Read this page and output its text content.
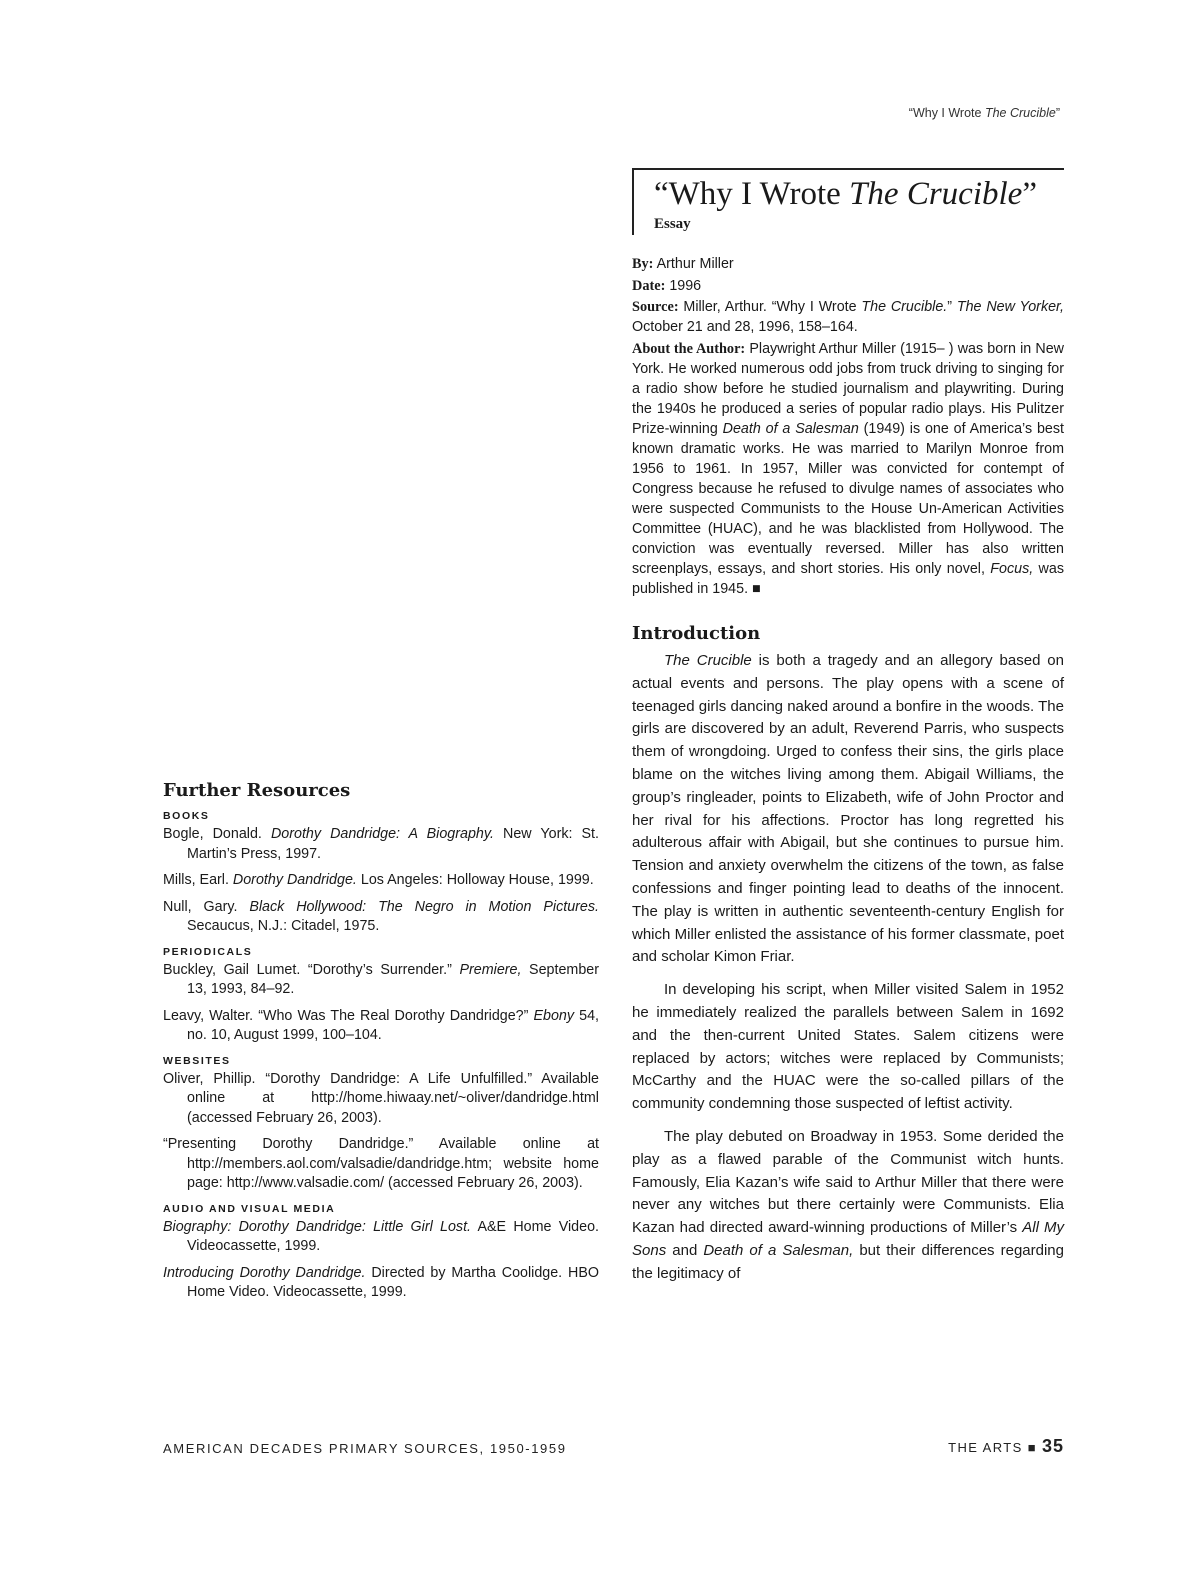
“Why I Wrote The Crucible”
Further Resources
BOOKS
Bogle, Donald. Dorothy Dandridge: A Biography. New York: St. Martin’s Press, 1997.
Mills, Earl. Dorothy Dandridge. Los Angeles: Holloway House, 1999.
Null, Gary. Black Hollywood: The Negro in Motion Pictures. Secaucus, N.J.: Citadel, 1975.
PERIODICALS
Buckley, Gail Lumet. “Dorothy’s Surrender.” Premiere, September 13, 1993, 84–92.
Leavy, Walter. “Who Was The Real Dorothy Dandridge?” Ebony 54, no. 10, August 1999, 100–104.
WEBSITES
Oliver, Phillip. “Dorothy Dandridge: A Life Unfulfilled.” Available online at http://home.hiwaay.net/~oliver/dandridge.html (accessed February 26, 2003).
“Presenting Dorothy Dandridge.” Available online at http://members.aol.com/valsadie/dandridge.htm; website home page: http://www.valsadie.com/ (accessed February 26, 2003).
AUDIO AND VISUAL MEDIA
Biography: Dorothy Dandridge: Little Girl Lost. A&E Home Video. Videocassette, 1999.
Introducing Dorothy Dandridge. Directed by Martha Coolidge. HBO Home Video. Videocassette, 1999.
“Why I Wrote The Crucible”
Essay

By: Arthur Miller

Date: 1996

Source: Miller, Arthur. “Why I Wrote The Crucible.” The New Yorker, October 21 and 28, 1996, 158–164.

About the Author: Playwright Arthur Miller (1915– ) was born in New York. He worked numerous odd jobs from truck driving to singing for a radio show before he studied journalism and playwriting. During the 1940s he produced a series of popular radio plays. His Pulitzer Prize-winning Death of a Salesman (1949) is one of America’s best known dramatic works. He was married to Marilyn Monroe from 1956 to 1961. In 1957, Miller was convicted for contempt of Congress because he refused to divulge names of associates who were suspected Communists to the House Un-American Activities Committee (HUAC), and he was blacklisted from Hollywood. The conviction was eventually reversed. Miller has also written screenplays, essays, and short stories. His only novel, Focus, was published in 1945. ■

Introduction

The Crucible is both a tragedy and an allegory based on actual events and persons. The play opens with a scene of teenaged girls dancing naked around a bonfire in the woods. The girls are discovered by an adult, Reverend Parris, who suspects them of wrongdoing. Urged to confess their sins, the girls place blame on the witches living among them. Abigail Williams, the group’s ringleader, points to Elizabeth, wife of John Proctor and her rival for his affections. Proctor has long regretted his adulterous affair with Abigail, but she continues to pursue him. Tension and anxiety overwhelm the citizens of the town, as false confessions and finger pointing lead to deaths of the innocent. The play is written in authentic seventeenth-century English for which Miller enlisted the assistance of his former classmate, poet and scholar Kimon Friar.

In developing his script, when Miller visited Salem in 1952 he immediately realized the parallels between Salem in 1692 and the then-current United States. Salem citizens were replaced by actors; witches were replaced by Communists; McCarthy and the HUAC were the so-called pillars of the community condemning those suspected of leftist activity.

The play debuted on Broadway in 1953. Some derided the play as a flawed parable of the Communist witch hunts. Famously, Elia Kazan’s wife said to Arthur Miller that there were never any witches but there certainly were Communists. Elia Kazan had directed award-winning productions of Miller’s All My Sons and Death of a Salesman, but their differences regarding the legitimacy of

AMERICAN DECADES PRIMARY SOURCES, 1950-1959	THE ARTS ■ 35
